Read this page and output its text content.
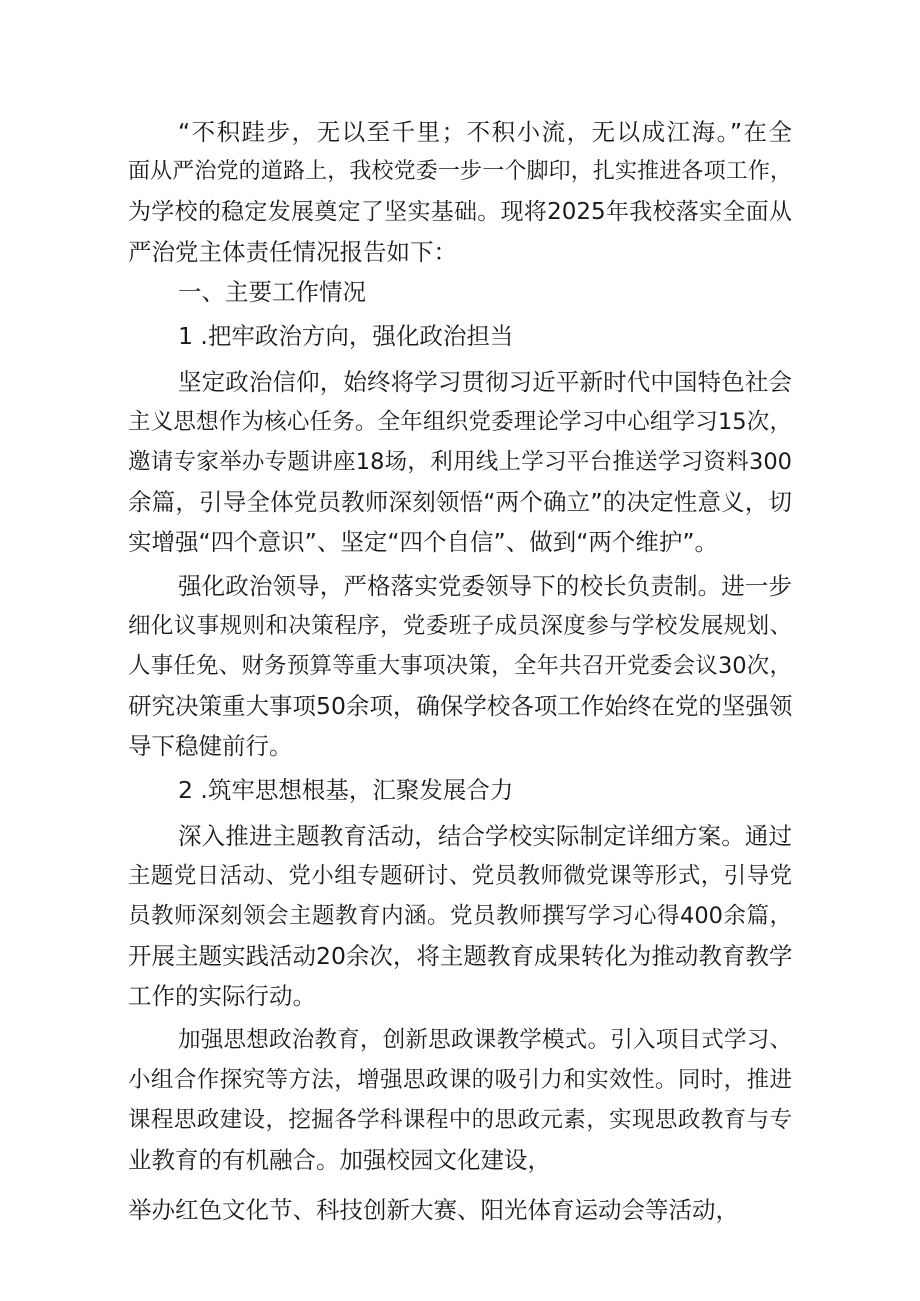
“不积跬步，无以至千里；不积小流，无以成江海。”在全
面从严治党的道路上，我校党委一步一个脚印，扎实推进各项工作，
为学校的稳定发展奠定了坚实基础。现将2025年我校落实全面从
严治党主体责任情况报告如下：
一、主要工作情况
1 .把牢政治方向，强化政治担当
坚定政治信仰，始终将学习贯彻习近平新时代中国特色社会
主义思想作为核心任务。全年组织党委理论学习中心组学习15次，
邀请专家举办专题讲座18场，利用线上学习平台推送学习资料300
余篇，引导全体党员教师深刻领悟“两个确立”的决定性意义，切
实增强“四个意识”、坚定“四个自信”、做到“两个维护”。
强化政治领导，严格落实党委领导下的校长负责制。进一步
细化议事规则和决策程序，党委班子成员深度参与学校发展规划、
人事任免、财务预算等重大事项决策，全年共召开党委会议30次，
研究决策重大事项50余项，确保学校各项工作始终在党的坚强领
导下稳健前行。
2 .筑牢思想根基，汇聚发展合力
深入推进主题教育活动，结合学校实际制定详细方案。通过
主题党日活动、党小组专题研讨、党员教师微党课等形式，引导党
员教师深刻领会主题教育内涵。党员教师撰写学习心得400余篇，
开展主题实践活动20余次，将主题教育成果转化为推动教育教学
工作的实际行动。
加强思想政治教育，创新思政课教学模式。引入项目式学习、
小组合作探究等方法，增强思政课的吸引力和实效性。同时，推进
课程思政建设，挖掘各学科课程中的思政元素，实现思政教育与专
业教育的有机融合。加强校园文化建设，
举办红色文化节、科技创新大赛、阳光体育运动会等活动，
